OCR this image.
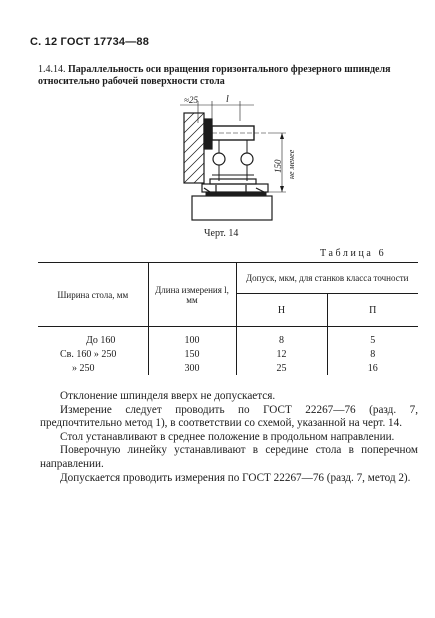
С. 12 ГОСТ 17734—88
1.4.14. Параллельность оси вращения горизонтального фрезерного шпинделя относительно рабочей поверхности стола
≈25	l
150 не менее
Черт. 14
Таблица 6
Ширина стола, мм	Длина измерения l, мм	Допуск, мкм, для станков класса точности	
		Н	П
До 160	100	8	5
Св. 160 » 250	150	12	8
» 250	300	25	16

Отклонение шпинделя вверх не допускается.

Измерение следует проводить по ГОСТ 22267—76 (разд. 7, предпочтительно метод 1), в соответствии со схемой, указанной на черт. 14.

Стол устанавливают в среднее положение в продольном направлении.

Поверочную линейку устанавливают в середине стола в поперечном направлении.

Допускается проводить измерения по ГОСТ 22267—76 (разд. 7, метод 2).
